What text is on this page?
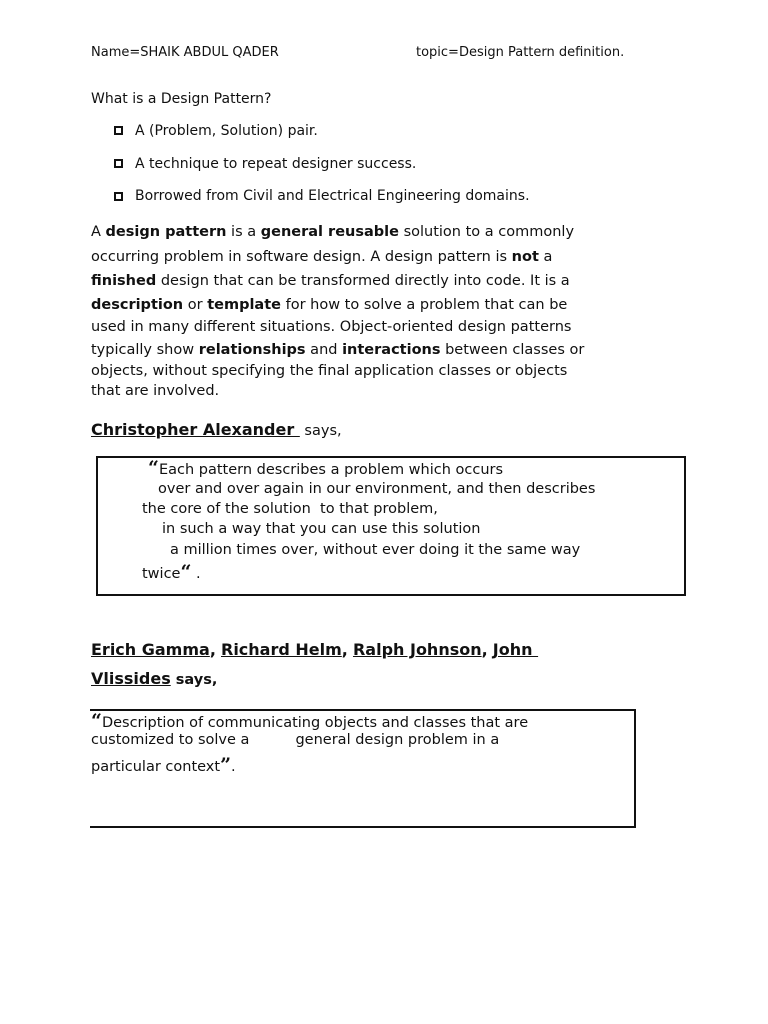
Name=SHAIK ABDUL QADER	topic=Design Pattern definition.
What is a Design Pattern?
A (Problem, Solution) pair.
A technique to repeat designer success.
Borrowed from Civil and Electrical Engineering domains.
A design pattern is a general reusable solution to a commonly
occurring problem in software design. A design pattern is not a
finished design that can be transformed directly into code. It is a
description or template for how to solve a problem that can be
used in many different situations. Object-oriented design patterns
typically show relationships and interactions between classes or
objects, without specifying the final application classes or objects
that are involved.
Christopher Alexander  says,
“Each pattern describes a problem which occurs
over and over again in our environment, and then describes
the core of the solution  to that problem,
in such a way that you can use this solution
a million times over, without ever doing it the same way
twice“ .
Erich Gamma, Richard Helm, Ralph Johnson, John
Vlissides says,
“Description of communicating objects and classes that are
customized to solve a          general design problem in a
particular context”.
